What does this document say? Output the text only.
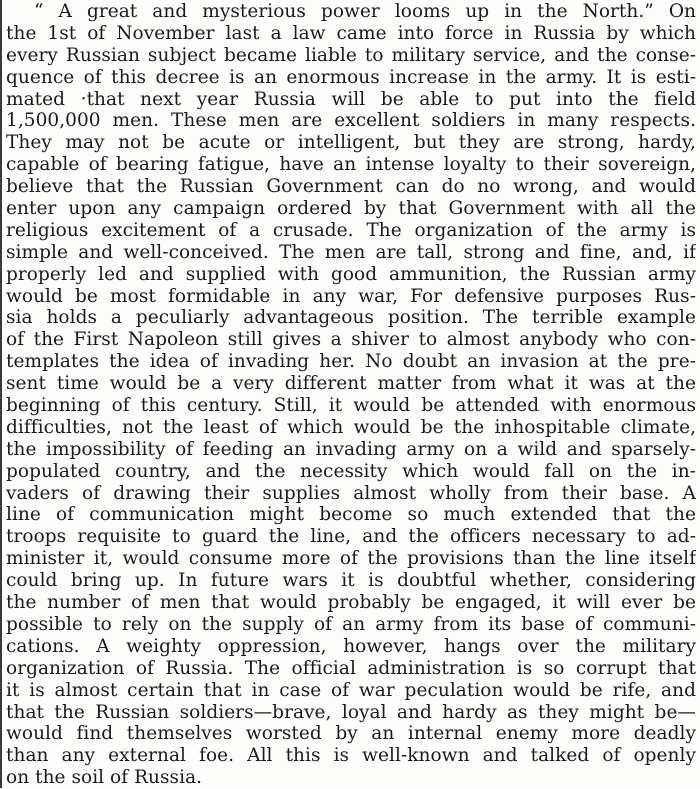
“ A great and mysterious power looms up in the North.” On
the 1st of November last a law came into force in Russia by which
every Russian subject became liable to military service, and the conse-
quence of this decree is an enormous increase in the army. It is esti-
mated ·that next year Russia will be able to put into the field
1,500,000 men. These men are excellent soldiers in many respects.
They may not be acute or intelligent, but they are strong, hardy,
capable of bearing fatigue, have an intense loyalty to their sovereign,
believe that the Russian Government can do no wrong, and would
enter upon any campaign ordered by that Government with all the
religious excitement of a crusade. The organization of the army is
simple and well-conceived. The men are tall, strong and fine, and, if
properly led and supplied with good ammunition, the Russian army
would be most formidable in any war, For defensive purposes Rus-
sia holds a peculiarly advantageous position. The terrible example
of the First Napoleon still gives a shiver to almost anybody who con-
templates the idea of invading her. No doubt an invasion at the pre-
sent time would be a very different matter from what it was at the
beginning of this century. Still, it would be attended with enormous
difficulties, not the least of which would be the inhospitable climate,
the impossibility of feeding an invading army on a wild and sparsely-
populated country, and the necessity which would fall on the in-
vaders of drawing their supplies almost wholly from their base. A
line of communication might become so much extended that the
troops requisite to guard the line, and the officers necessary to ad-
minister it, would consume more of the provisions than the line itself
could bring up. In future wars it is doubtful whether, considering
the number of men that would probably be engaged, it will ever be
possible to rely on the supply of an army from its base of communi-
cations. A weighty oppression, however, hangs over the military
organization of Russia. The official administration is so corrupt that
it is almost certain that in case of war peculation would be rife, and
that the Russian soldiers—brave, loyal and hardy as they might be—
would find themselves worsted by an internal enemy more deadly
than any external foe. All this is well-known and talked of openly
on the soil of Russia.
